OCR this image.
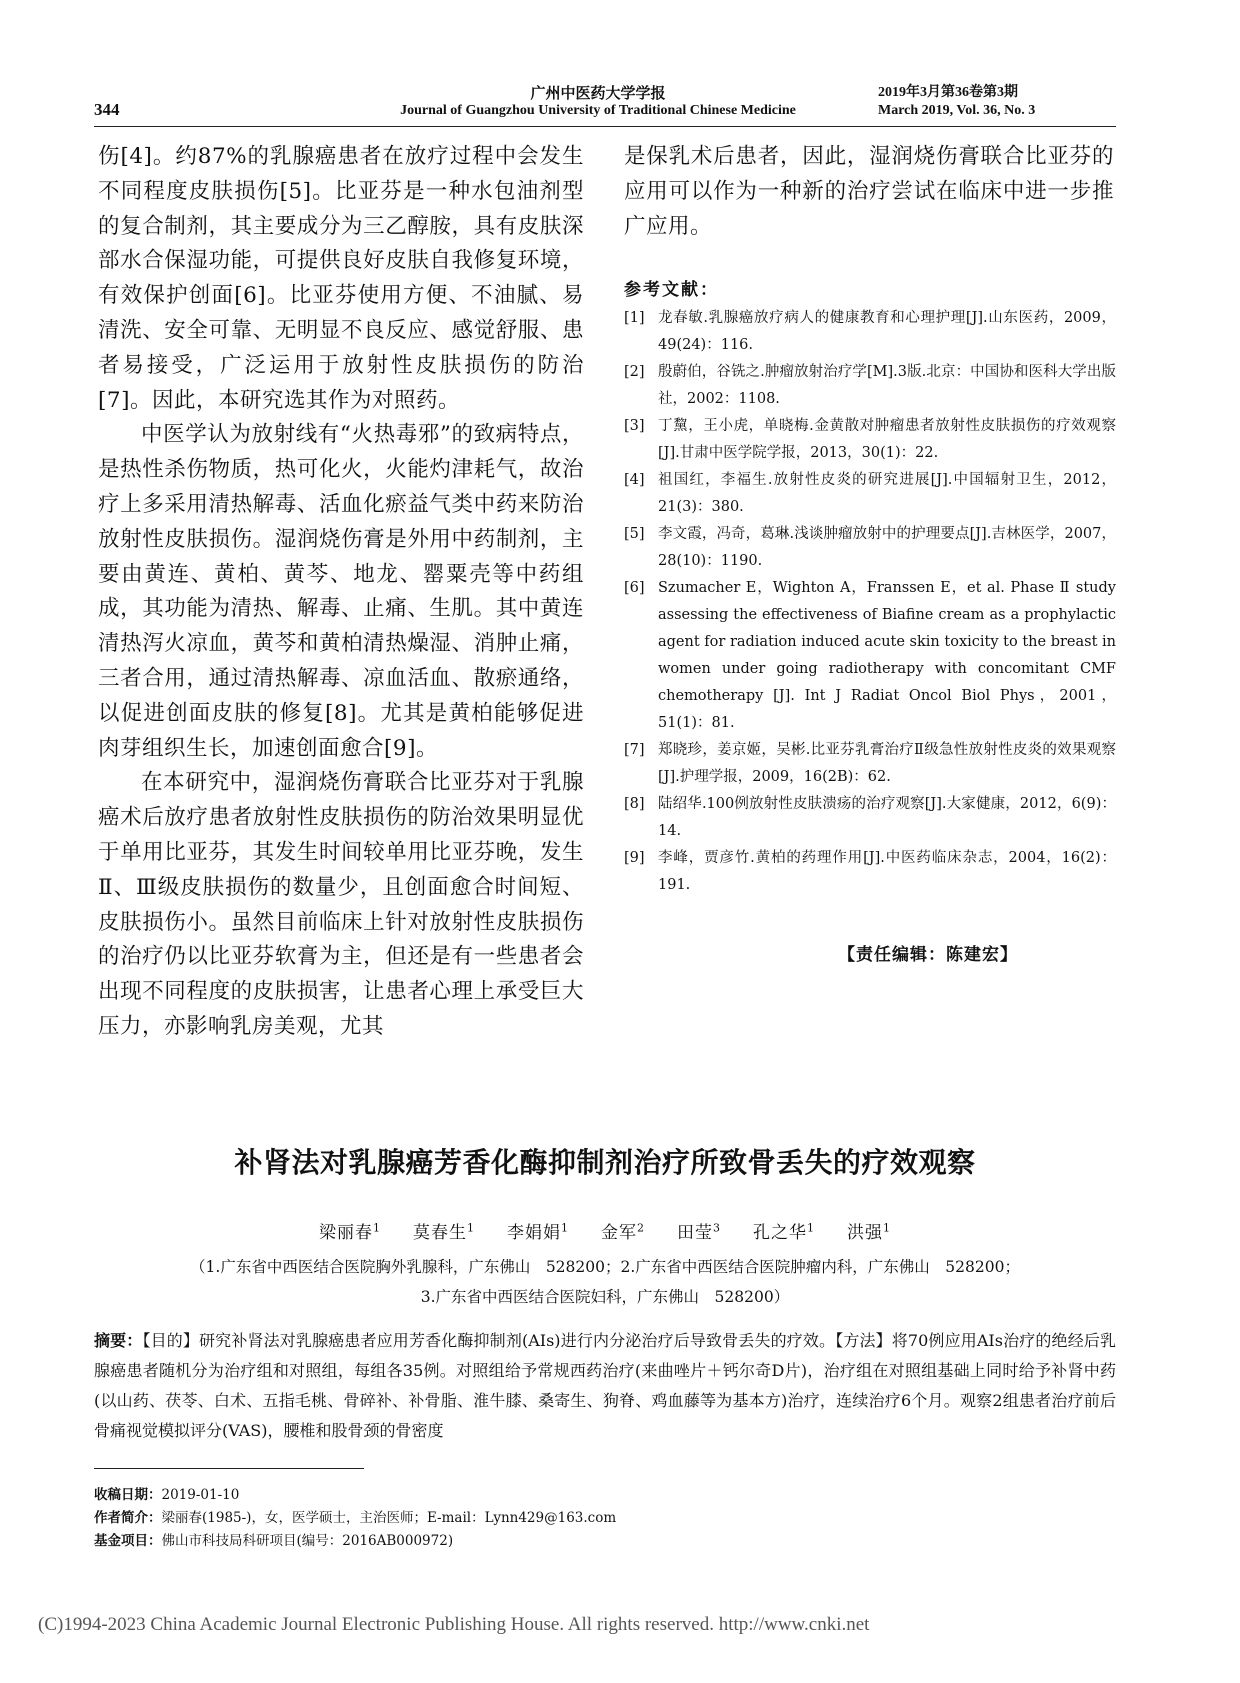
344
广州中医药大学学报
Journal of Guangzhou University of Traditional Chinese Medicine
2019年3月第36卷第3期
March 2019, Vol. 36, No. 3

伤[4]。约87%的乳腺癌患者在放疗过程中会发生不同程度皮肤损伤[5]。比亚芬是一种水包油剂型的复合制剂，其主要成分为三乙醇胺，具有皮肤深部水合保湿功能，可提供良好皮肤自我修复环境，有效保护创面[6]。比亚芬使用方便、不油腻、易清洗、安全可靠、无明显不良反应、感觉舒服、患者易接受，广泛运用于放射性皮肤损伤的防治[7]。因此，本研究选其作为对照药。

中医学认为放射线有“火热毒邪”的致病特点，是热性杀伤物质，热可化火，火能灼津耗气，故治疗上多采用清热解毒、活血化瘀益气类中药来防治放射性皮肤损伤。湿润烧伤膏是外用中药制剂，主要由黄连、黄柏、黄芩、地龙、罂粟壳等中药组成，其功能为清热、解毒、止痛、生肌。其中黄连清热泻火凉血，黄芩和黄柏清热燥湿、消肿止痛，三者合用，通过清热解毒、凉血活血、散瘀通络，以促进创面皮肤的修复[8]。尤其是黄柏能够促进肉芽组织生长，加速创面愈合[9]。

在本研究中，湿润烧伤膏联合比亚芬对于乳腺癌术后放疗患者放射性皮肤损伤的防治效果明显优于单用比亚芬，其发生时间较单用比亚芬晚，发生Ⅱ、Ⅲ级皮肤损伤的数量少，且创面愈合时间短、皮肤损伤小。虽然目前临床上针对放射性皮肤损伤的治疗仍以比亚芬软膏为主，但还是有一些患者会出现不同程度的皮肤损害，让患者心理上承受巨大压力，亦影响乳房美观，尤其

是保乳术后患者，因此，湿润烧伤膏联合比亚芬的应用可以作为一种新的治疗尝试在临床中进一步推广应用。

参考文献：
[1] 龙春敏.乳腺癌放疗病人的健康教育和心理护理[J].山东医药，2009，49(24)：116.
[2] 殷蔚伯，谷铣之.肿瘤放射治疗学[M].3版.北京：中国协和医科大学出版社，2002：1108.
[3] 丁黧，王小虎，单晓梅.金黄散对肿瘤患者放射性皮肤损伤的疗效观察[J].甘肃中医学院学报，2013，30(1)：22.
[4] 祖国红，李福生.放射性皮炎的研究进展[J].中国辐射卫生，2012，21(3)：380.
[5] 李文霞，冯奇，葛琳.浅谈肿瘤放射中的护理要点[J].吉林医学，2007，28(10)：1190.
[6] Szumacher E，Wighton A，Franssen E，et al. Phase Ⅱ study assessing the effectiveness of Biafine cream as a prophylactic agent for radiation induced acute skin toxicity to the breast in women under going radiotherapy with concomitant CMF chemotherapy [J]. Int J Radiat Oncol Biol Phys，2001，51(1)：81.
[7] 郑晓珍，姜京姬，吴彬.比亚芬乳膏治疗Ⅱ级急性放射性皮炎的效果观察[J].护理学报，2009，16(2B)：62.
[8] 陆绍华.100例放射性皮肤溃疡的治疗观察[J].大家健康，2012，6(9)：14.
[9] 李峰，贾彦竹.黄柏的药理作用[J].中医药临床杂志，2004，16(2)：191.
【责任编辑：陈建宏】
补肾法对乳腺癌芳香化酶抑制剂治疗所致骨丢失的疗效观察
梁丽春$^1$ 莫春生$^1$ 李娟娟$^1$ 金军$^2$ 田莹$^3$ 孔之华$^1$ 洪强$^1$
（1.广东省中西医结合医院胸外乳腺科，广东佛山　528200；2.广东省中西医结合医院肿瘤内科，广东佛山　528200；
3.广东省中西医结合医院妇科，广东佛山　528200）
摘要：【目的】研究补肾法对乳腺癌患者应用芳香化酶抑制剂(AIs)进行内分泌治疗后导致骨丢失的疗效。【方法】将70例应用AIs治疗的绝经后乳腺癌患者随机分为治疗组和对照组，每组各35例。对照组给予常规西药治疗(来曲唑片＋钙尔奇D片)，治疗组在对照组基础上同时给予补肾中药(以山药、茯苓、白术、五指毛桃、骨碎补、补骨脂、淮牛膝、桑寄生、狗脊、鸡血藤等为基本方)治疗，连续治疗6个月。观察2组患者治疗前后骨痛视觉模拟评分(VAS)，腰椎和股骨颈的骨密度
收稿日期：2019-01-10
作者简介：梁丽春(1985-)，女，医学硕士，主治医师；E-mail：Lynn429@163.com
基金项目：佛山市科技局科研项目(编号：2016AB000972)
(C)1994-2023 China Academic Journal Electronic Publishing House. All rights reserved. http://www.cnki.net
